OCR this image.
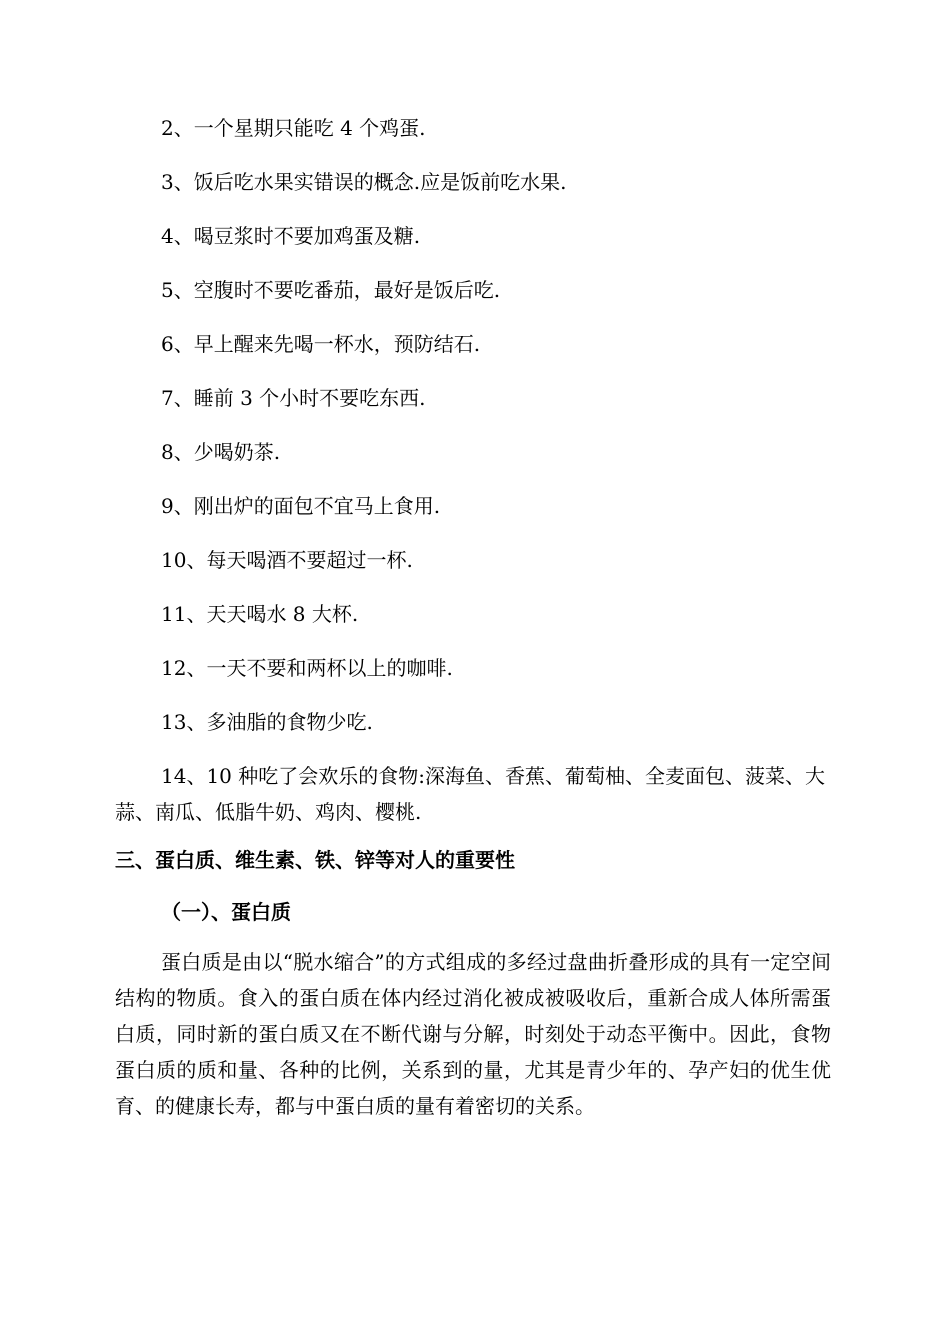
2、一个星期只能吃 4 个鸡蛋.

3、饭后吃水果实错误的概念.应是饭前吃水果.

4、喝豆浆时不要加鸡蛋及糖.

5、空腹时不要吃番茄，最好是饭后吃.

6、早上醒来先喝一杯水，预防结石.

7、睡前 3 个小时不要吃东西.

8、少喝奶茶.

9、刚出炉的面包不宜马上食用.

10、每天喝酒不要超过一杯.

11、天天喝水 8 大杯.

12、一天不要和两杯以上的咖啡.

13、多油脂的食物少吃.

14、10 种吃了会欢乐的食物:深海鱼、香蕉、葡萄柚、全麦面包、菠菜、大蒜、南瓜、低脂牛奶、鸡肉、樱桃.

三、蛋白质、维生素、铁、锌等对人的重要性
（一）、蛋白质

蛋白质是由以“脱水缩合”的方式组成的多经过盘曲折叠形成的具有一定空间结构的物质。食入的蛋白质在体内经过消化被成被吸收后，重新合成人体所需蛋白质，同时新的蛋白质又在不断代谢与分解，时刻处于动态平衡中。因此，食物蛋白质的质和量、各种的比例，关系到的量，尤其是青少年的、孕产妇的优生优育、的健康长寿，都与中蛋白质的量有着密切的关系。
